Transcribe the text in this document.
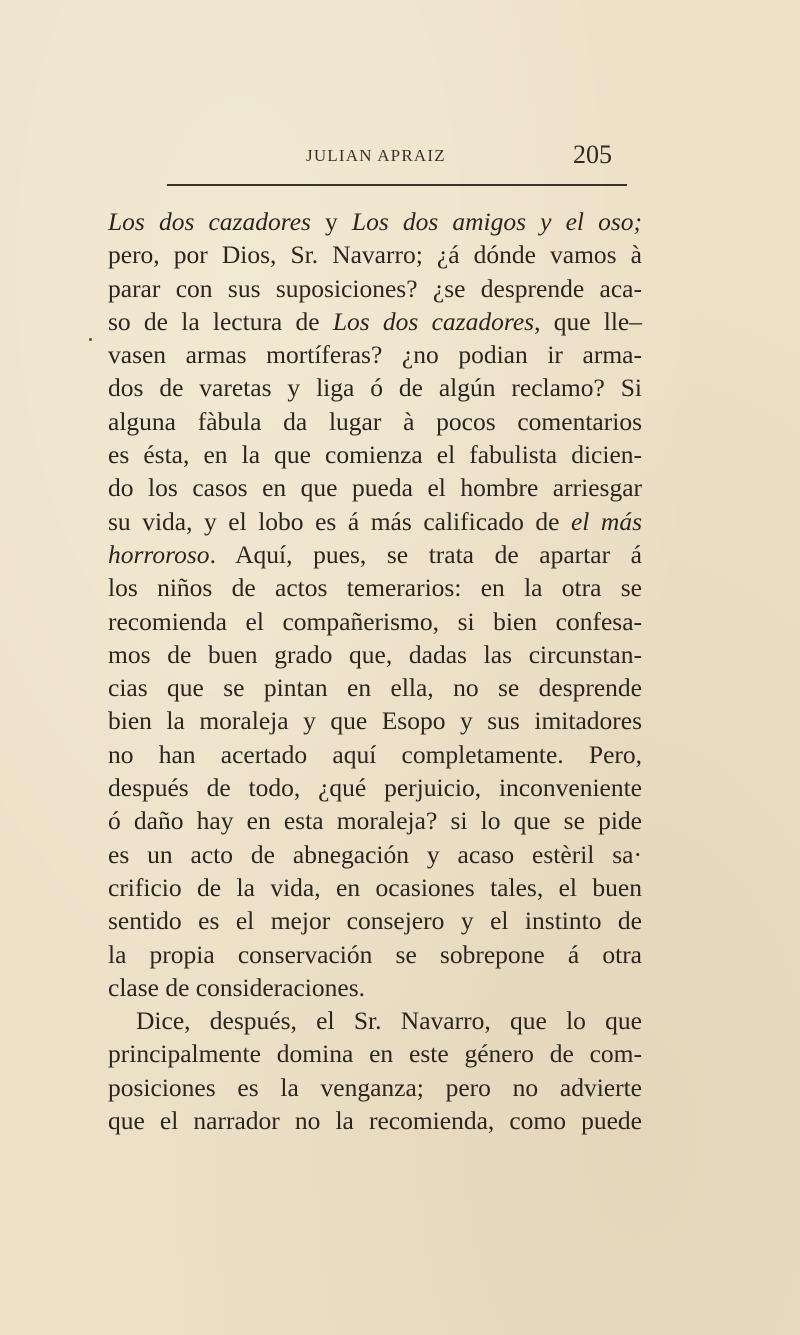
JULIAN APRAIZ	205
Los dos cazadores y Los dos amigos y el oso;
pero, por Dios, Sr. Navarro; ¿á dónde vamos à
parar con sus suposiciones? ¿se desprende aca-
so de la lectura de Los dos cazadores, que lle–
vasen armas mortíferas? ¿no podian ir arma-
dos de varetas y liga ó de algún reclamo? Si
alguna fàbula da lugar à pocos comentarios
es ésta, en la que comienza el fabulista dicien-
do los casos en que pueda el hombre arriesgar
su vida, y el lobo es á más calificado de el más
horroroso. Aquí, pues, se trata de apartar á
los niños de actos temerarios: en la otra se
recomienda el compañerismo, si bien confesa-
mos de buen grado que, dadas las circunstan-
cias que se pintan en ella, no se desprende
bien la moraleja y que Esopo y sus imitadores
no han acertado aquí completamente. Pero,
después de todo, ¿qué perjuicio, inconveniente
ó daño hay en esta moraleja? si lo que se pide
es un acto de abnegación y acaso estèril sa·
crificio de la vida, en ocasiones tales, el buen
sentido es el mejor consejero y el instinto de
la propia conservación se sobrepone á otra
clase de consideraciones.
Dice, después, el Sr. Navarro, que lo que
principalmente domina en este género de com-
posiciones es la venganza; pero no advierte
que el narrador no la recomienda, como puede
